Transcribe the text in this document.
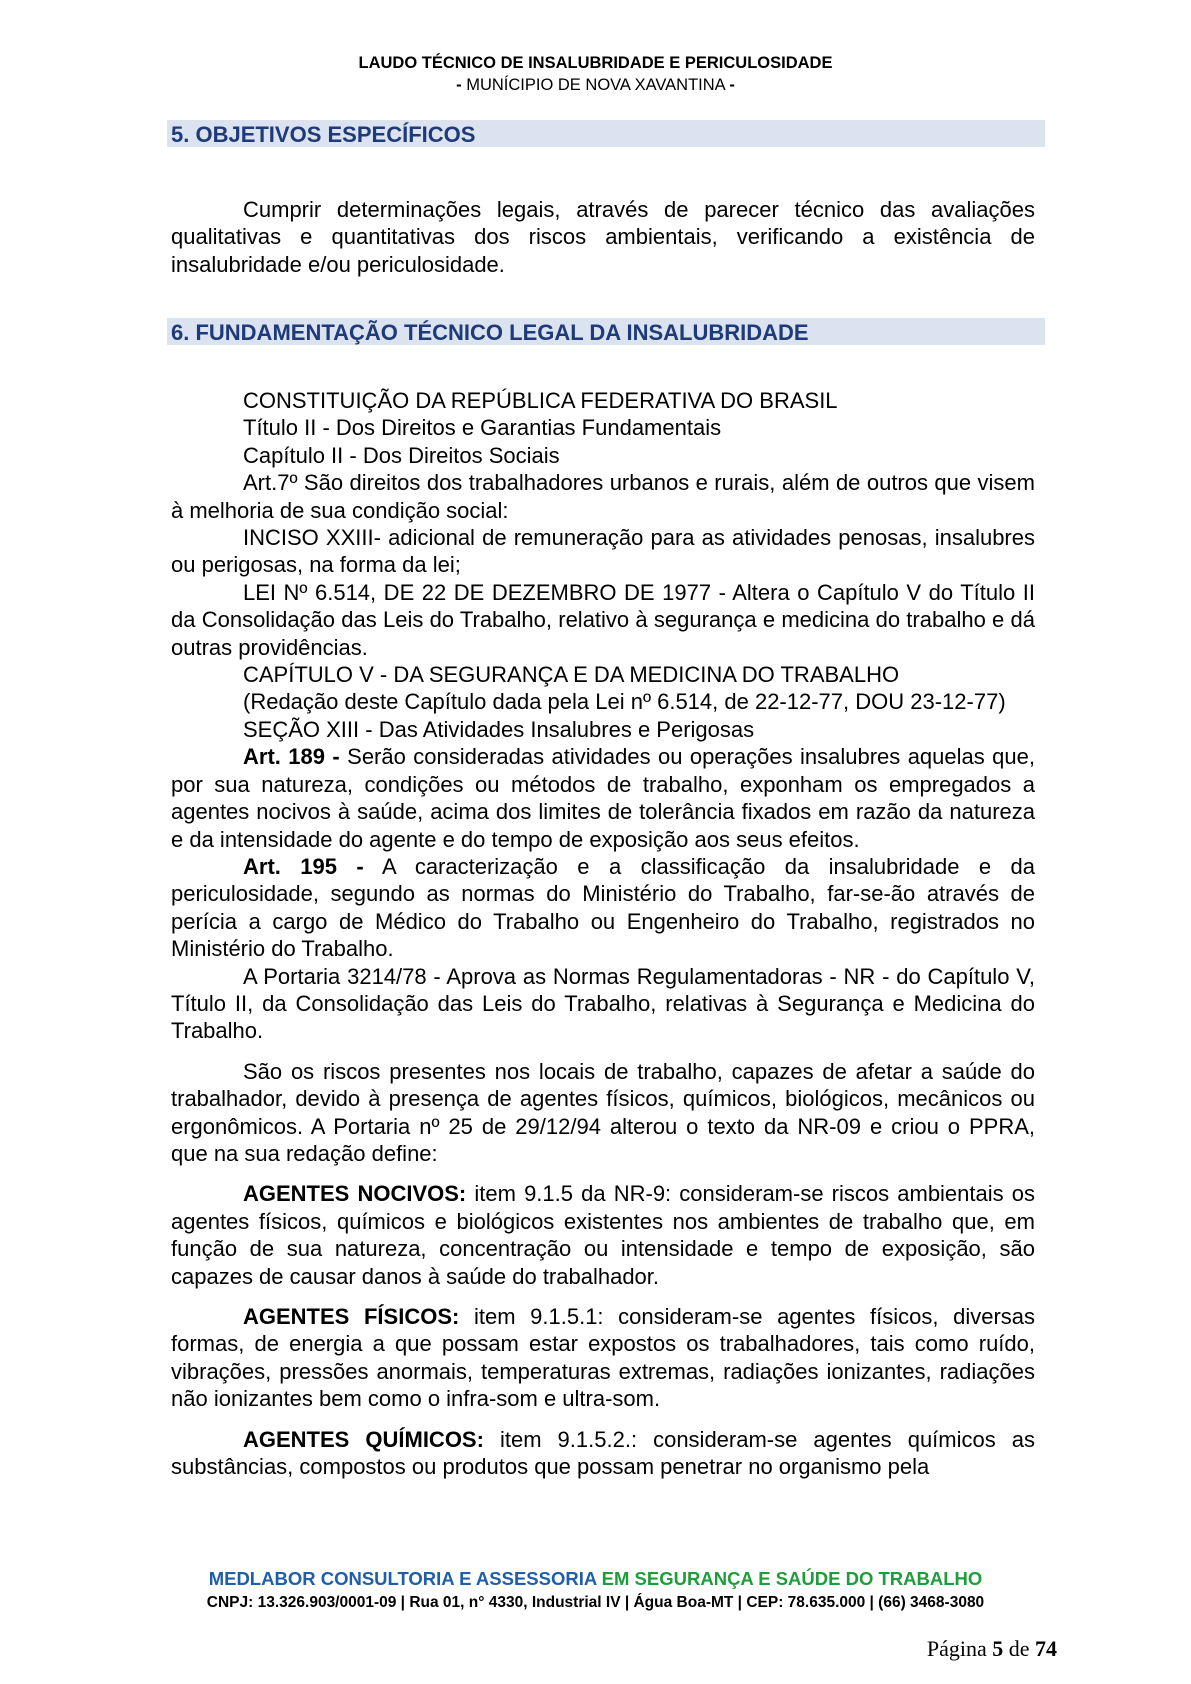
LAUDO TÉCNICO DE INSALUBRIDADE E PERICULOSIDADE
- MUNÍCIPIO DE NOVA XAVANTINA -
5. OBJETIVOS ESPECÍFICOS

Cumprir determinações legais, através de parecer técnico das avaliações qualitativas e quantitativas dos riscos ambientais, verificando a existência de insalubridade e/ou periculosidade.

6. FUNDAMENTAÇÃO TÉCNICO LEGAL DA INSALUBRIDADE

CONSTITUIÇÃO DA REPÚBLICA FEDERATIVA DO BRASIL

Título II - Dos Direitos e Garantias Fundamentais

Capítulo II - Dos Direitos Sociais

Art.7º São direitos dos trabalhadores urbanos e rurais, além de outros que visem à melhoria de sua condição social:

INCISO XXIII- adicional de remuneração para as atividades penosas, insalubres ou perigosas, na forma da lei;

LEI Nº 6.514, DE 22 DE DEZEMBRO DE 1977 - Altera o Capítulo V do Título II da Consolidação das Leis do Trabalho, relativo à segurança e medicina do trabalho e dá outras providências.

CAPÍTULO V - DA SEGURANÇA E DA MEDICINA DO TRABALHO

(Redação deste Capítulo dada pela Lei nº 6.514, de 22-12-77, DOU 23-12-77)

SEÇÃO XIII - Das Atividades Insalubres e Perigosas

Art. 189 - Serão consideradas atividades ou operações insalubres aquelas que, por sua natureza, condições ou métodos de trabalho, exponham os empregados a agentes nocivos à saúde, acima dos limites de tolerância fixados em razão da natureza e da intensidade do agente e do tempo de exposição aos seus efeitos.

Art. 195 - A caracterização e a classificação da insalubridade e da periculosidade, segundo as normas do Ministério do Trabalho, far-se-ão através de perícia a cargo de Médico do Trabalho ou Engenheiro do Trabalho, registrados no Ministério do Trabalho.

A Portaria 3214/78 - Aprova as Normas Regulamentadoras - NR - do Capítulo V, Título II, da Consolidação das Leis do Trabalho, relativas à Segurança e Medicina do Trabalho.

São os riscos presentes nos locais de trabalho, capazes de afetar a saúde do trabalhador, devido à presença de agentes físicos, químicos, biológicos, mecânicos ou ergonômicos. A Portaria nº 25 de 29/12/94 alterou o texto da NR-09 e criou o PPRA, que na sua redação define:

AGENTES NOCIVOS: item 9.1.5 da NR-9: consideram-se riscos ambientais os agentes físicos, químicos e biológicos existentes nos ambientes de trabalho que, em função de sua natureza, concentração ou intensidade e tempo de exposição, são capazes de causar danos à saúde do trabalhador.

AGENTES FÍSICOS: item 9.1.5.1: consideram-se agentes físicos, diversas formas, de energia a que possam estar expostos os trabalhadores, tais como ruído, vibrações, pressões anormais, temperaturas extremas, radiações ionizantes, radiações não ionizantes bem como o infra-som e ultra-som.

AGENTES QUÍMICOS: item 9.1.5.2.: consideram-se agentes químicos as substâncias, compostos ou produtos que possam penetrar no organismo pela

MEDLABOR CONSULTORIA E ASSESSORIA EM SEGURANÇA E SAÚDE DO TRABALHO
CNPJ: 13.326.903/0001-09 | Rua 01, n° 4330, Industrial IV | Água Boa-MT | CEP: 78.635.000 | (66) 3468-3080
Página 5 de 74
